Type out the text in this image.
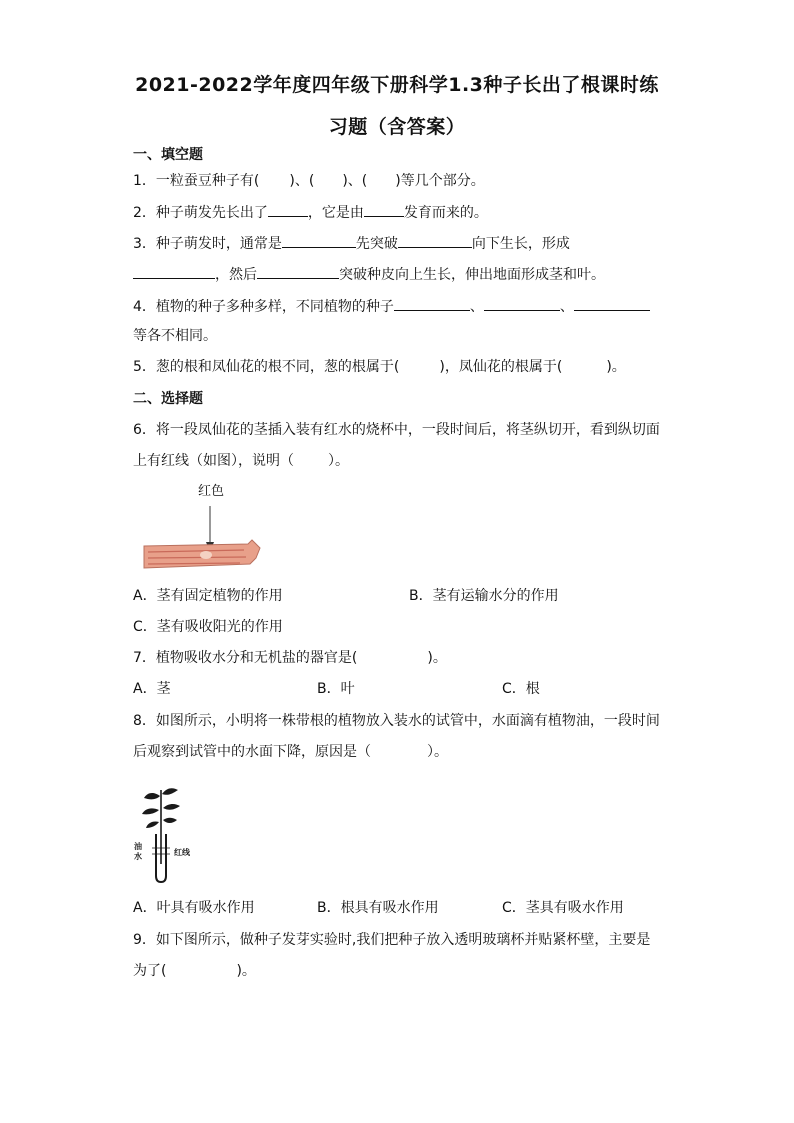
2021-2022学年度四年级下册科学1.3种子长出了根课时练
习题（含答案）
一、填空题
1．一粒蚕豆种子有( )、( )、( )等几个部分。
2．种子萌发先长出了	，它是由	发育而来的。
3．种子萌发时，通常是	先突破	向下生长，形成
，然后	突破种皮向上生长，伸出地面形成茎和叶。
4．植物的种子多种多样，不同植物的种子	、	、
等各不相同。
5．葱的根和凤仙花的根不同，葱的根属于(	)，凤仙花的根属于(	)。
二、选择题
6．将一段凤仙花的茎插入装有红水的烧杯中，一段时间后，将茎纵切开，看到纵切面
上有红线（如图），说明（ ）。
红色
A．茎有固定植物的作用	B．茎有运输水分的作用
C．茎有吸收阳光的作用
7．植物吸收水分和无机盐的器官是(	)。
A．茎	B．叶	C．根
8．如图所示，小明将一株带根的植物放入装水的试管中，水面滴有植物油，一段时间
后观察到试管中的水面下降，原因是（	）。
油
水	红线
A．叶具有吸水作用	B．根具有吸水作用	C．茎具有吸水作用
9．如下图所示，做种子发芽实验时,我们把种子放入透明玻璃杯并贴紧杯壁，主要是
为了(	)。
